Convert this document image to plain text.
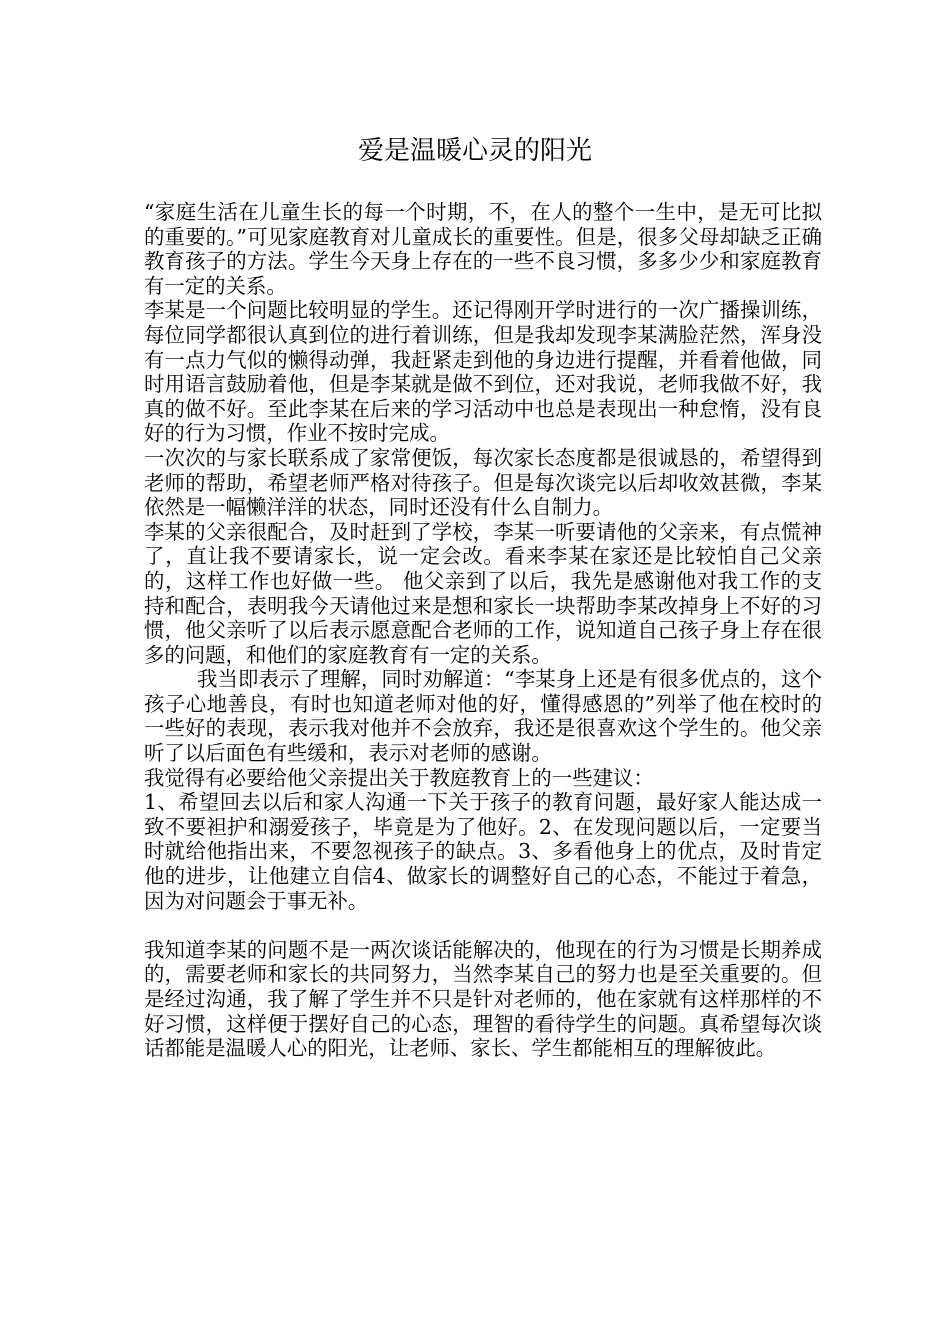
爱是温暖心灵的阳光

“家庭生活在儿童生长的每一个时期，不，在人的整个一生中，是无可比拟的重要的。”可见家庭教育对儿童成长的重要性。但是，很多父母却缺乏正确教育孩子的方法。学生今天身上存在的一些不良习惯，多多少少和家庭教育有一定的关系。

李某是一个问题比较明显的学生。还记得刚开学时进行的一次广播操训练，每位同学都很认真到位的进行着训练，但是我却发现李某满脸茫然，浑身没有一点力气似的懒得动弹，我赶紧走到他的身边进行提醒，并看着他做，同时用语言鼓励着他，但是李某就是做不到位，还对我说，老师我做不好，我真的做不好。至此李某在后来的学习活动中也总是表现出一种怠惰，没有良好的行为习惯，作业不按时完成。

一次次的与家长联系成了家常便饭，每次家长态度都是很诚恳的，希望得到老师的帮助，希望老师严格对待孩子。但是每次谈完以后却收效甚微，李某依然是一幅懒洋洋的状态，同时还没有什么自制力。

李某的父亲很配合，及时赶到了学校，李某一听要请他的父亲来，有点慌神了，直让我不要请家长，说一定会改。看来李某在家还是比较怕自己父亲的，这样工作也好做一些。 他父亲到了以后，我先是感谢他对我工作的支持和配合，表明我今天请他过来是想和家长一块帮助李某改掉身上不好的习惯，他父亲听了以后表示愿意配合老师的工作，说知道自己孩子身上存在很多的问题，和他们的家庭教育有一定的关系。

我当即表示了理解，同时劝解道：“李某身上还是有很多优点的，这个孩子心地善良，有时也知道老师对他的好，懂得感恩的”列举了他在校时的一些好的表现，表示我对他并不会放弃，我还是很喜欢这个学生的。他父亲听了以后面色有些缓和，表示对老师的感谢。

我觉得有必要给他父亲提出关于教庭教育上的一些建议：

1、希望回去以后和家人沟通一下关于孩子的教育问题，最好家人能达成一致不要袒护和溺爱孩子，毕竟是为了他好。2、在发现问题以后，一定要当时就给他指出来，不要忽视孩子的缺点。3、多看他身上的优点，及时肯定他的进步，让他建立自信4、做家长的调整好自己的心态，不能过于着急，因为对问题会于事无补。

我知道李某的问题不是一两次谈话能解决的，他现在的行为习惯是长期养成的，需要老师和家长的共同努力，当然李某自己的努力也是至关重要的。但是经过沟通，我了解了学生并不只是针对老师的，他在家就有这样那样的不好习惯，这样便于摆好自己的心态，理智的看待学生的问题。真希望每次谈话都能是温暖人心的阳光，让老师、家长、学生都能相互的理解彼此。
